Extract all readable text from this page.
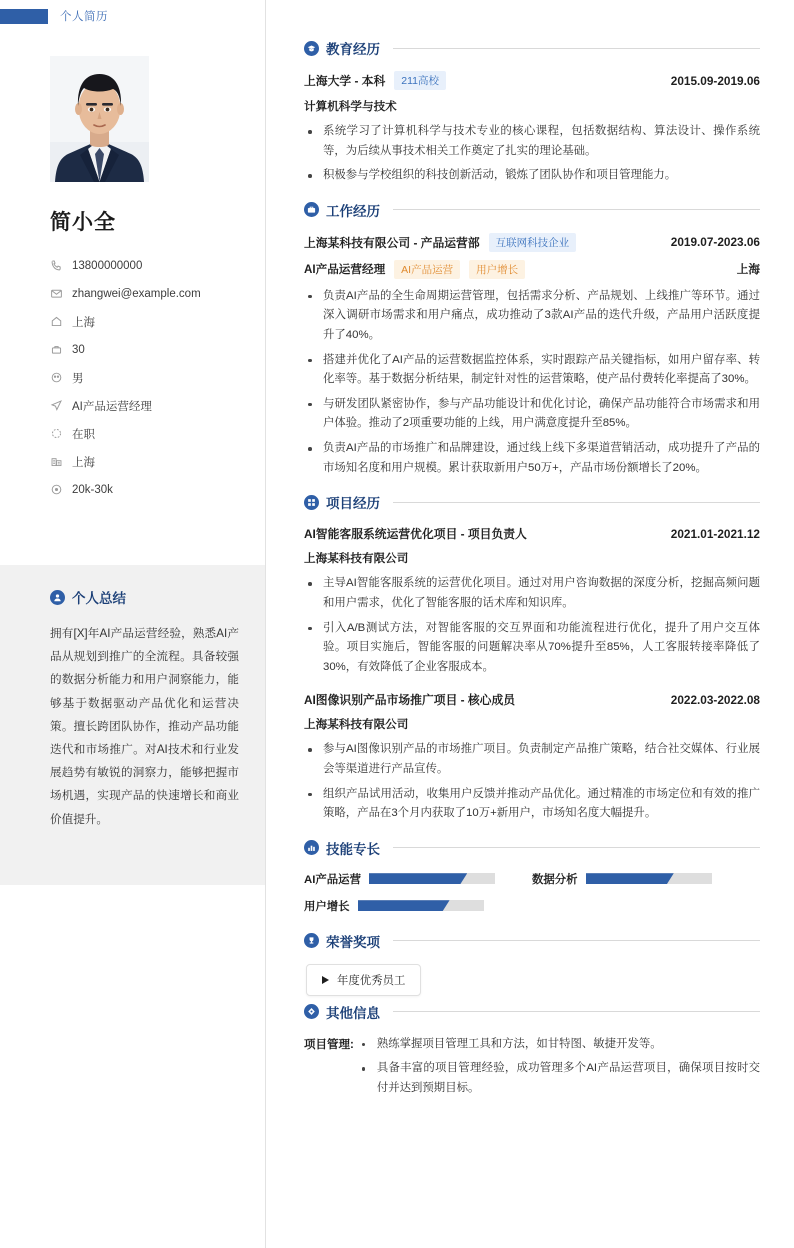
个人简历
简小全
13800000000
zhangwei@example.com
上海
30
男
AI产品运营经理
在职
上海
20k-30k
个人总结
拥有[X]年AI产品运营经验，熟悉AI产品从规划到推广的全流程。具备较强的数据分析能力和用户洞察能力，能够基于数据驱动产品优化和运营决策。擅长跨团队协作，推动产品功能迭代和市场推广。对AI技术和行业发展趋势有敏锐的洞察力，能够把握市场机遇，实现产品的快速增长和商业价值提升。
教育经历
上海大学 - 本科	211高校	2015.09-2019.06
计算机科学与技术
系统学习了计算机科学与技术专业的核心课程，包括数据结构、算法设计、操作系统等，为后续从事技术相关工作奠定了扎实的理论基础。
积极参与学校组织的科技创新活动，锻炼了团队协作和项目管理能力。
工作经历
上海某科技有限公司 - 产品运营部	互联网科技企业	2019.07-2023.06
AI产品运营经理	AI产品运营	用户增长	上海
负责AI产品的全生命周期运营管理，包括需求分析、产品规划、上线推广等环节。通过深入调研市场需求和用户痛点，成功推动了3款AI产品的迭代升级，产品用户活跃度提升了40%。
搭建并优化了AI产品的运营数据监控体系，实时跟踪产品关键指标，如用户留存率、转化率等。基于数据分析结果，制定针对性的运营策略，使产品付费转化率提高了30%。
与研发团队紧密协作，参与产品功能设计和优化讨论，确保产品功能符合市场需求和用户体验。推动了2项重要功能的上线，用户满意度提升至85%。
负责AI产品的市场推广和品牌建设，通过线上线下多渠道营销活动，成功提升了产品的市场知名度和用户规模。累计获取新用户50万+，产品市场份额增长了20%。
项目经历
AI智能客服系统运营优化项目 - 项目负责人	2021.01-2021.12
上海某科技有限公司
主导AI智能客服系统的运营优化项目。通过对用户咨询数据的深度分析，挖掘高频问题和用户需求，优化了智能客服的话术库和知识库。
引入A/B测试方法，对智能客服的交互界面和功能流程进行优化，提升了用户交互体验。项目实施后，智能客服的问题解决率从70%提升至85%，人工客服转接率降低了30%，有效降低了企业客服成本。
AI图像识别产品市场推广项目 - 核心成员	2022.03-2022.08
上海某科技有限公司
参与AI图像识别产品的市场推广项目。负责制定产品推广策略，结合社交媒体、行业展会等渠道进行产品宣传。
组织产品试用活动，收集用户反馈并推动产品优化。通过精准的市场定位和有效的推广策略，产品在3个月内获取了10万+新用户，市场知名度大幅提升。
技能专长
AI产品运营	数据分析
用户增长
荣誉奖项
年度优秀员工
其他信息
项目管理:	熟练掌握项目管理工具和方法，如甘特图、敏捷开发等。
具备丰富的项目管理经验，成功管理多个AI产品运营项目，确保项目按时交付并达到预期目标。
